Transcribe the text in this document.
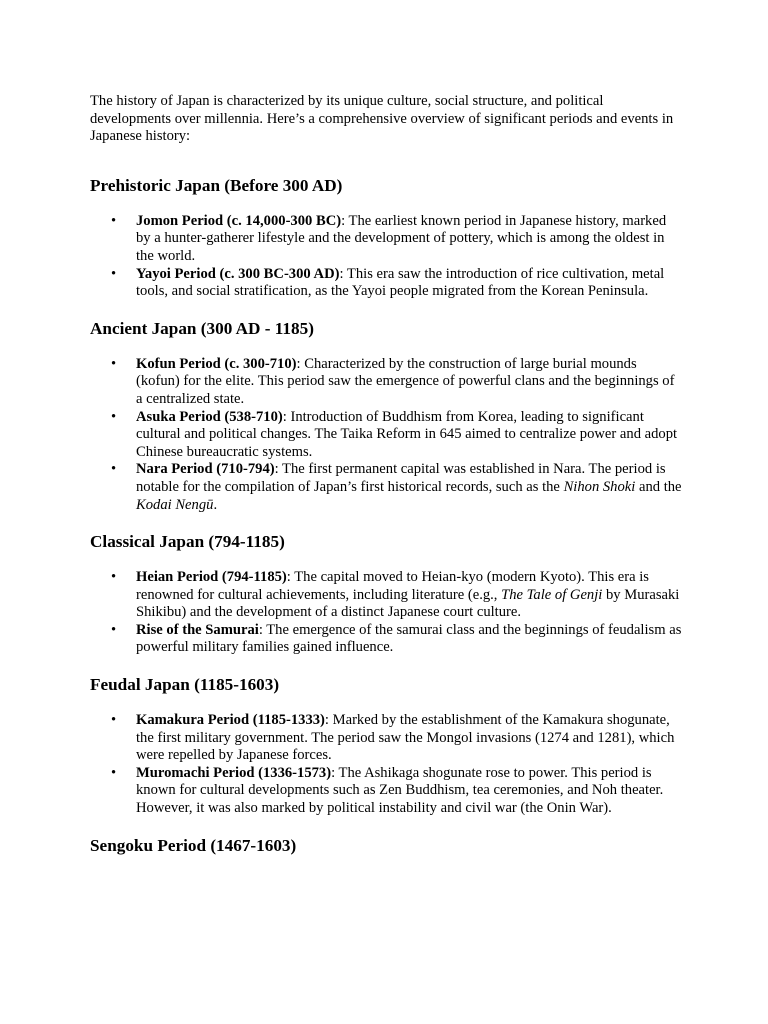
The history of Japan is characterized by its unique culture, social structure, and political developments over millennia. Here’s a comprehensive overview of significant periods and events in Japanese history:

Prehistoric Japan (Before 300 AD)
• Jomon Period (c. 14,000-300 BC): The earliest known period in Japanese history, marked by a hunter-gatherer lifestyle and the development of pottery, which is among the oldest in the world.
• Yayoi Period (c. 300 BC-300 AD): This era saw the introduction of rice cultivation, metal tools, and social stratification, as the Yayoi people migrated from the Korean Peninsula.
Ancient Japan (300 AD - 1185)
• Kofun Period (c. 300-710): Characterized by the construction of large burial mounds (kofun) for the elite. This period saw the emergence of powerful clans and the beginnings of a centralized state.
• Asuka Period (538-710): Introduction of Buddhism from Korea, leading to significant cultural and political changes. The Taika Reform in 645 aimed to centralize power and adopt Chinese bureaucratic systems.
• Nara Period (710-794): The first permanent capital was established in Nara. The period is notable for the compilation of Japan’s first historical records, such as the Nihon Shoki and the Kodai Nengū.
Classical Japan (794-1185)
• Heian Period (794-1185): The capital moved to Heian-kyo (modern Kyoto). This era is renowned for cultural achievements, including literature (e.g., The Tale of Genji by Murasaki Shikibu) and the development of a distinct Japanese court culture.
• Rise of the Samurai: The emergence of the samurai class and the beginnings of feudalism as powerful military families gained influence.
Feudal Japan (1185-1603)
• Kamakura Period (1185-1333): Marked by the establishment of the Kamakura shogunate, the first military government. The period saw the Mongol invasions (1274 and 1281), which were repelled by Japanese forces.
• Muromachi Period (1336-1573): The Ashikaga shogunate rose to power. This period is known for cultural developments such as Zen Buddhism, tea ceremonies, and Noh theater. However, it was also marked by political instability and civil war (the Onin War).
Sengoku Period (1467-1603)
